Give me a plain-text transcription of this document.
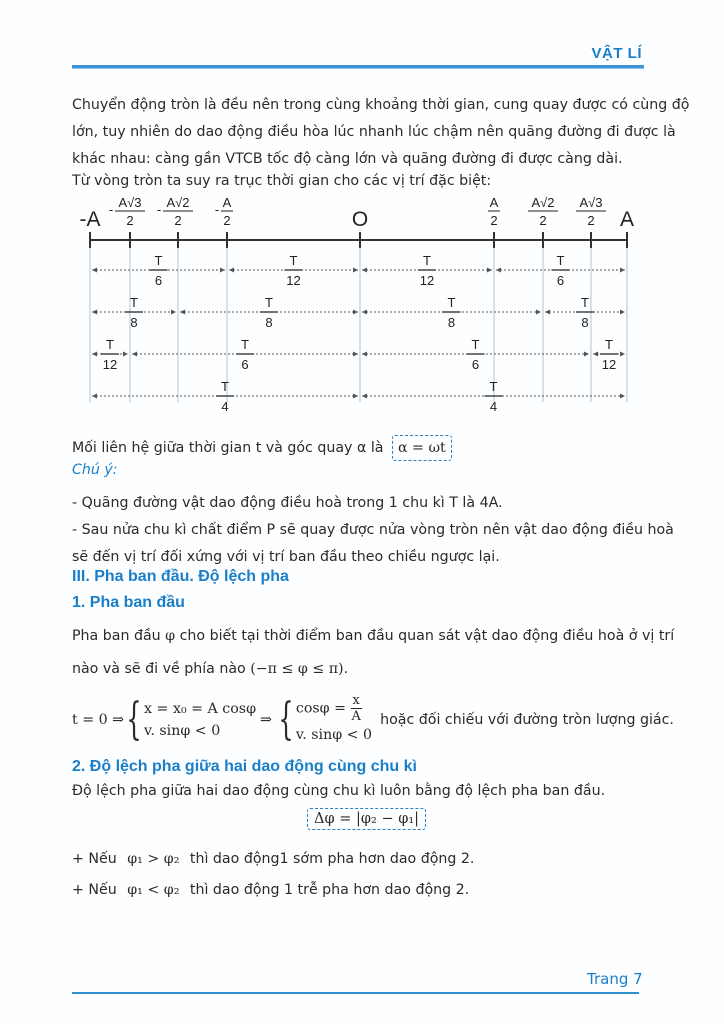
VẬT LÍ
Chuyển động tròn là đều nên trong cùng khoảng thời gian, cung quay được có cùng độ
lớn, tuy nhiên do dao động điều hòa lúc nhanh lúc chậm nên quãng đường đi được là
khác nhau: càng gần VTCB tốc độ càng lớn và quãng đường đi được càng dài.
Từ vòng tròn ta suy ra trục thời gian cho các vị trí đặc biệt:
-A
A√3
2
-	A√2
2
-	A
2
-	O
A
2
A√2
2
A√3
2 A
T
6
T
12
T
12
T
6
T
8
T
8
T
8
T
8
T
12
T
6
T
6
T
12
T
4
T
4
Mối liên hệ giữa thời gian t và góc quay α là α = ωt
Chú ý:
- Quãng đường vật dao động điều hoà trong 1 chu kì T là 4A.
- Sau nửa chu kì chất điểm P sẽ quay được nửa vòng tròn nên vật dao động điều hoà
sẽ đến vị trí đối xứng với vị trí ban đầu theo chiều ngược lại.
III. Pha ban đầu. Độ lệch pha
1. Pha ban đầu
Pha ban đầu φ cho biết tại thời điểm ban đầu quan sát vật dao động điều hoà ở vị trí
nào và sẽ đi về phía nào (−π ≤ φ ≤ π).
t = 0 ⇒ { x = x₀ = A cosφ
v. sinφ < 0
⇒ { $\cos\varphi = \frac{x}{A}$
v. sinφ < 0
hoặc đối chiếu với đường tròn lượng giác.
2. Độ lệch pha giữa hai dao động cùng chu kì
Độ lệch pha giữa hai dao động cùng chu kì luôn bằng độ lệch pha ban đầu.
Δφ = |φ₂ − φ₁|
+ Nếu φ₁ > φ₂ thì dao động1 sớm pha hơn dao động 2.
+ Nếu φ₁ < φ₂ thì dao động 1 trễ pha hơn dao động 2.
Trang 7
